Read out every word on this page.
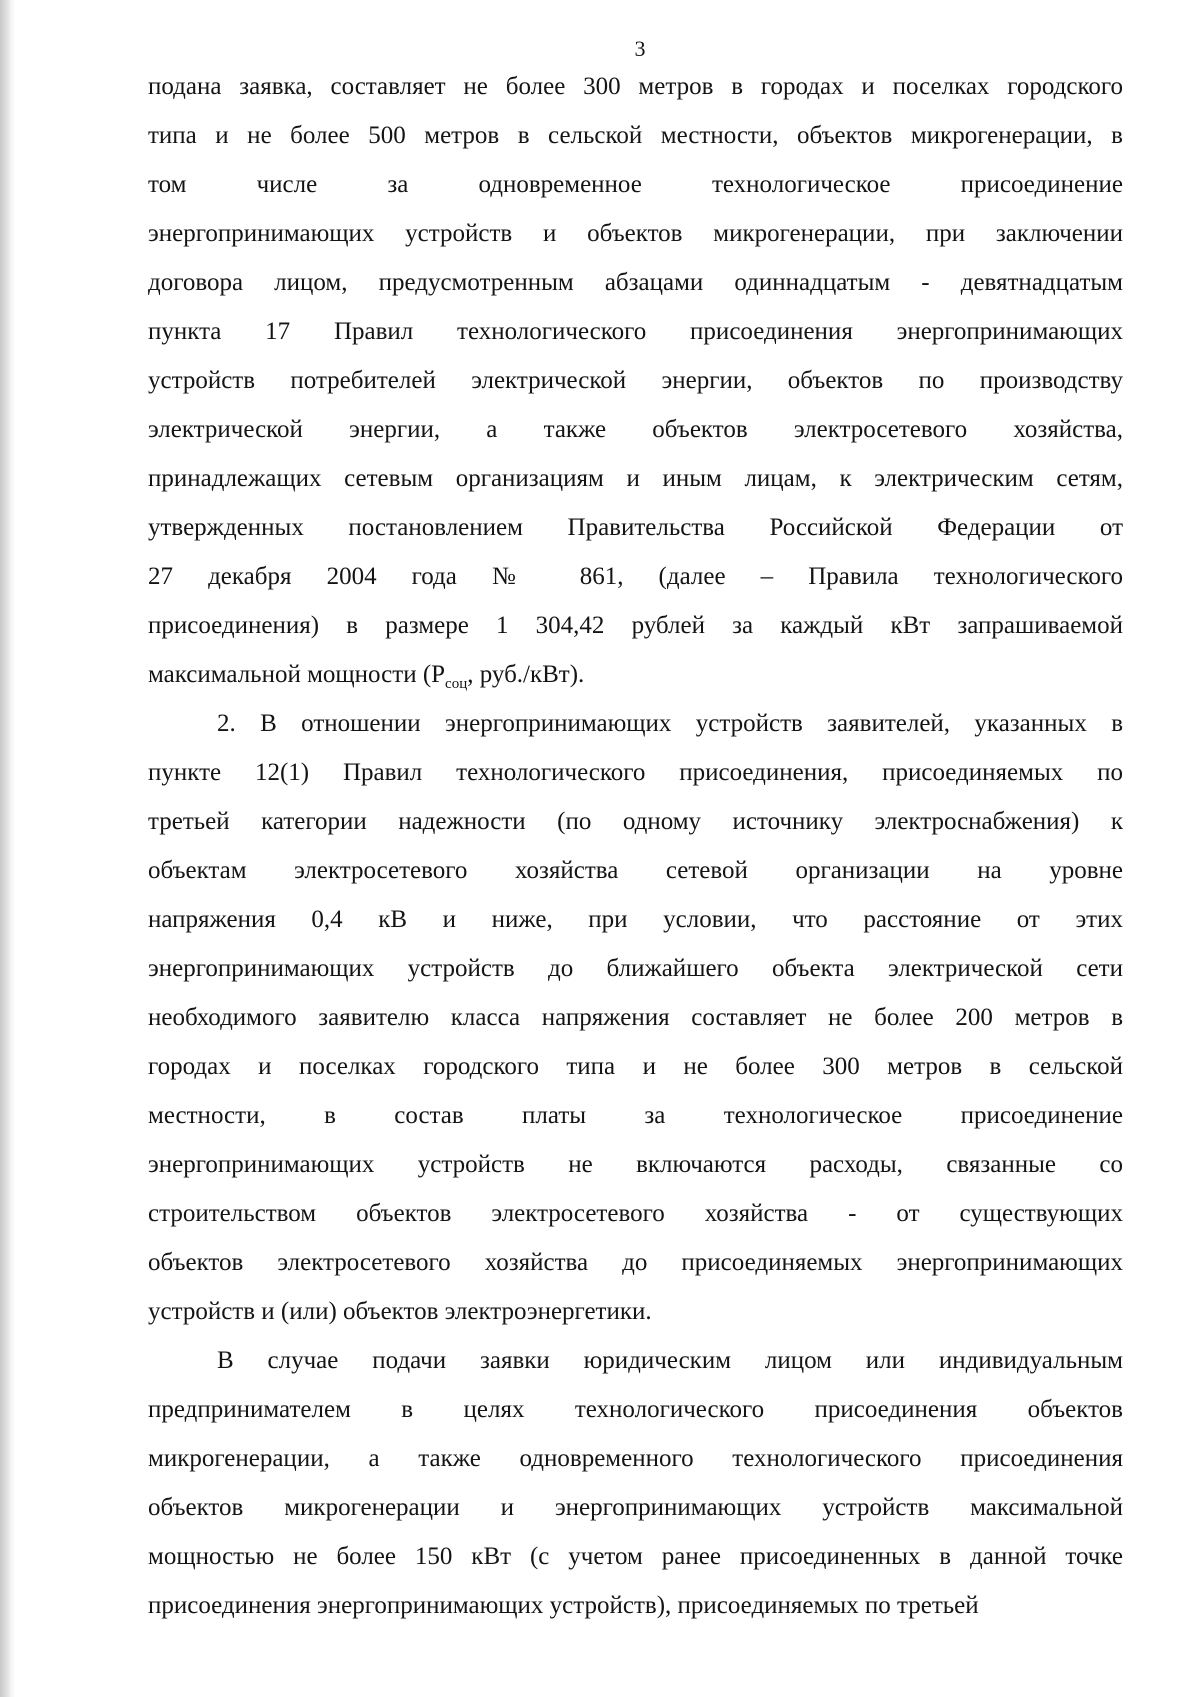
3
подана заявка, составляет не более 300 метров в городах и поселках городского
типа и не более 500 метров в сельской местности, объектов микрогенерации, в
том числе за одновременное технологическое присоединение
энергопринимающих устройств и объектов микрогенерации, при заключении
договора лицом, предусмотренным абзацами одиннадцатым - девятнадцатым
пункта 17 Правил технологического присоединения энергопринимающих
устройств потребителей электрической энергии, объектов по производству
электрической энергии, а также объектов электросетевого хозяйства,
принадлежащих сетевым организациям и иным лицам, к электрическим сетям,
утвержденных постановлением Правительства Российской Федерации от
27 декабря 2004 года № 861, (далее – Правила технологического
присоединения) в размере 1 304,42 рублей за каждый кВт запрашиваемой
максимальной мощности ($P_{соц}$, руб./кВт).
2. В отношении энергопринимающих устройств заявителей, указанных в
пункте 12(1) Правил технологического присоединения, присоединяемых по
третьей категории надежности (по одному источнику электроснабжения) к
объектам электросетевого хозяйства сетевой организации на уровне
напряжения 0,4 кВ и ниже, при условии, что расстояние от этих
энергопринимающих устройств до ближайшего объекта электрической сети
необходимого заявителю класса напряжения составляет не более 200 метров в
городах и поселках городского типа и не более 300 метров в сельской
местности, в состав платы за технологическое присоединение
энергопринимающих устройств не включаются расходы, связанные со
строительством объектов электросетевого хозяйства - от существующих
объектов электросетевого хозяйства до присоединяемых энергопринимающих
устройств и (или) объектов электроэнергетики.
В случае подачи заявки юридическим лицом или индивидуальным
предпринимателем в целях технологического присоединения объектов
микрогенерации, а также одновременного технологического присоединения
объектов микрогенерации и энергопринимающих устройств максимальной
мощностью не более 150 кВт (с учетом ранее присоединенных в данной точке
присоединения энергопринимающих устройств), присоединяемых по третьей
